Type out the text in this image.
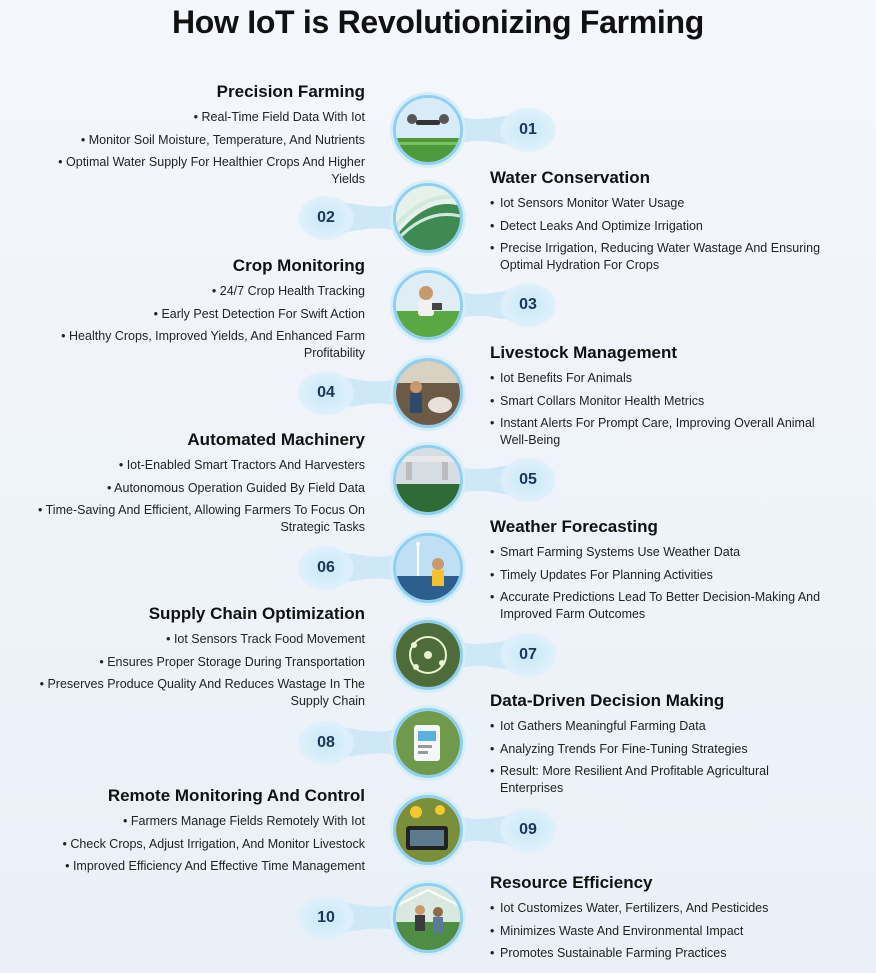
How IoT is Revolutionizing Farming
01
Precision Farming
• Real-Time Field Data With Iot
• Monitor Soil Moisture, Temperature, And Nutrients
• Optimal Water Supply For Healthier Crops And Higher Yields
02
Water Conservation
• Iot Sensors Monitor Water Usage
• Detect Leaks And Optimize Irrigation
• Precise Irrigation, Reducing Water Wastage And Ensuring Optimal Hydration For Crops
03
Crop Monitoring
• 24/7 Crop Health Tracking
• Early Pest Detection For Swift Action
• Healthy Crops, Improved Yields, And Enhanced Farm Profitability
04
Livestock Management
• Iot Benefits For Animals
• Smart Collars Monitor Health Metrics
• Instant Alerts For Prompt Care, Improving Overall Animal Well-Being
05
Automated Machinery
• Iot-Enabled Smart Tractors And Harvesters
• Autonomous Operation Guided By Field Data
• Time-Saving And Efficient, Allowing Farmers To Focus On Strategic Tasks
06
Weather Forecasting
• Smart Farming Systems Use Weather Data
• Timely Updates For Planning Activities
• Accurate Predictions Lead To Better Decision-Making And Improved Farm Outcomes
07
Supply Chain Optimization
• Iot Sensors Track Food Movement
• Ensures Proper Storage During Transportation
• Preserves Produce Quality And Reduces Wastage In The Supply Chain
08
Data-Driven Decision Making
• Iot Gathers Meaningful Farming Data
• Analyzing Trends For Fine-Tuning Strategies
• Result: More Resilient And Profitable Agricultural Enterprises
09
Remote Monitoring And Control
• Farmers Manage Fields Remotely With Iot
• Check Crops, Adjust Irrigation, And Monitor Livestock
• Improved Efficiency And Effective Time Management
10
Resource Efficiency
• Iot Customizes Water, Fertilizers, And Pesticides
• Minimizes Waste And Environmental Impact
• Promotes Sustainable Farming Practices
